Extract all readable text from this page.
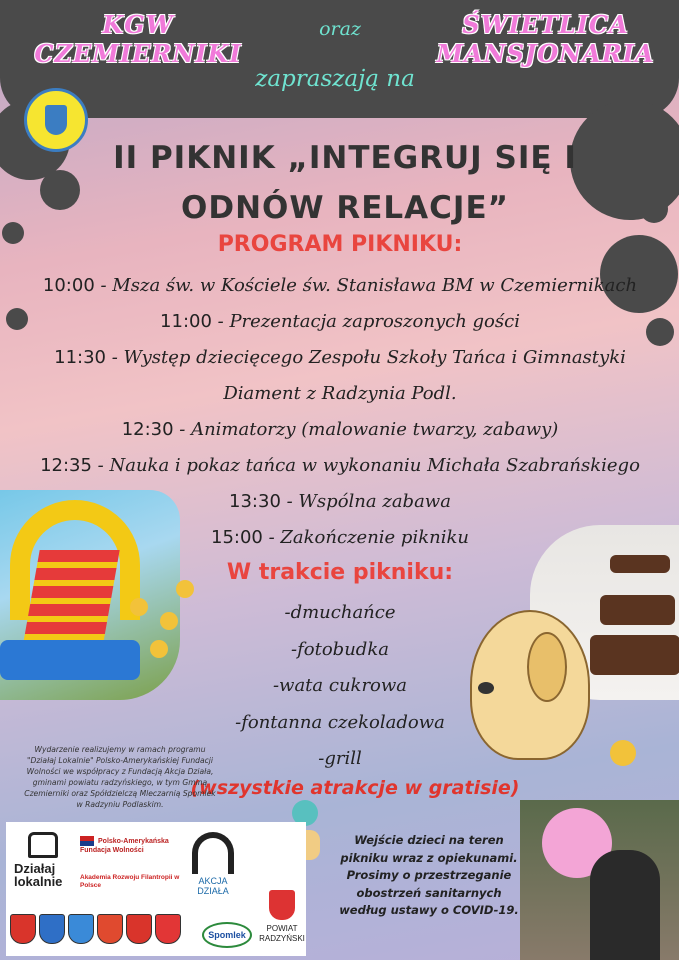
KGW CZEMIERNIKI
oraz	ŚWIETLICA MANSJONARIA
zapraszają na
II PIKNIK „INTEGRUJ SIĘ I ODNÓW RELACJE”
PROGRAM PIKNIKU:
10:00 - Msza św. w Kościele św. Stanisława BM w Czemiernikach
11:00 - Prezentacja zaproszonych gości
11:30 - Występ dziecięcego Zespołu Szkoły Tańca i Gimnastyki Diament z Radzynia Podl.
12:30 - Animatorzy (malowanie twarzy, zabawy)
12:35 - Nauka i pokaz tańca w wykonaniu Michała Szabrańskiego
13:30 - Wspólna zabawa
15:00 - Zakończenie pikniku
W trakcie pikniku:
-dmuchańce
-fotobudka
-wata cukrowa
-fontanna czekoladowa
-grill
(wszystkie atrakcje w gratisie)
Wydarzenie realizujemy w ramach programu "Działaj Lokalnie" Polsko-Amerykańskiej Fundacji Wolności we współpracy z Fundacją Akcja Działa, gminami powiatu radzyńskiego, w tym Gminą Czemierniki oraz Spółdzielczą Mleczarnią Spomlek w Radzyniu Podlaskim.
Wejście dzieci na teren pikniku wraz z opiekunami. Prosimy o przestrzeganie obostrzeń sanitarnych według ustawy o COVID-19.
Działaj lokalnie
Polsko-Amerykańska Fundacja Wolności
Akademia Rozwoju Filantropii w Polsce	AKCJA DZIAŁA
POWIAT RADZYŃSKI
Spomlek
